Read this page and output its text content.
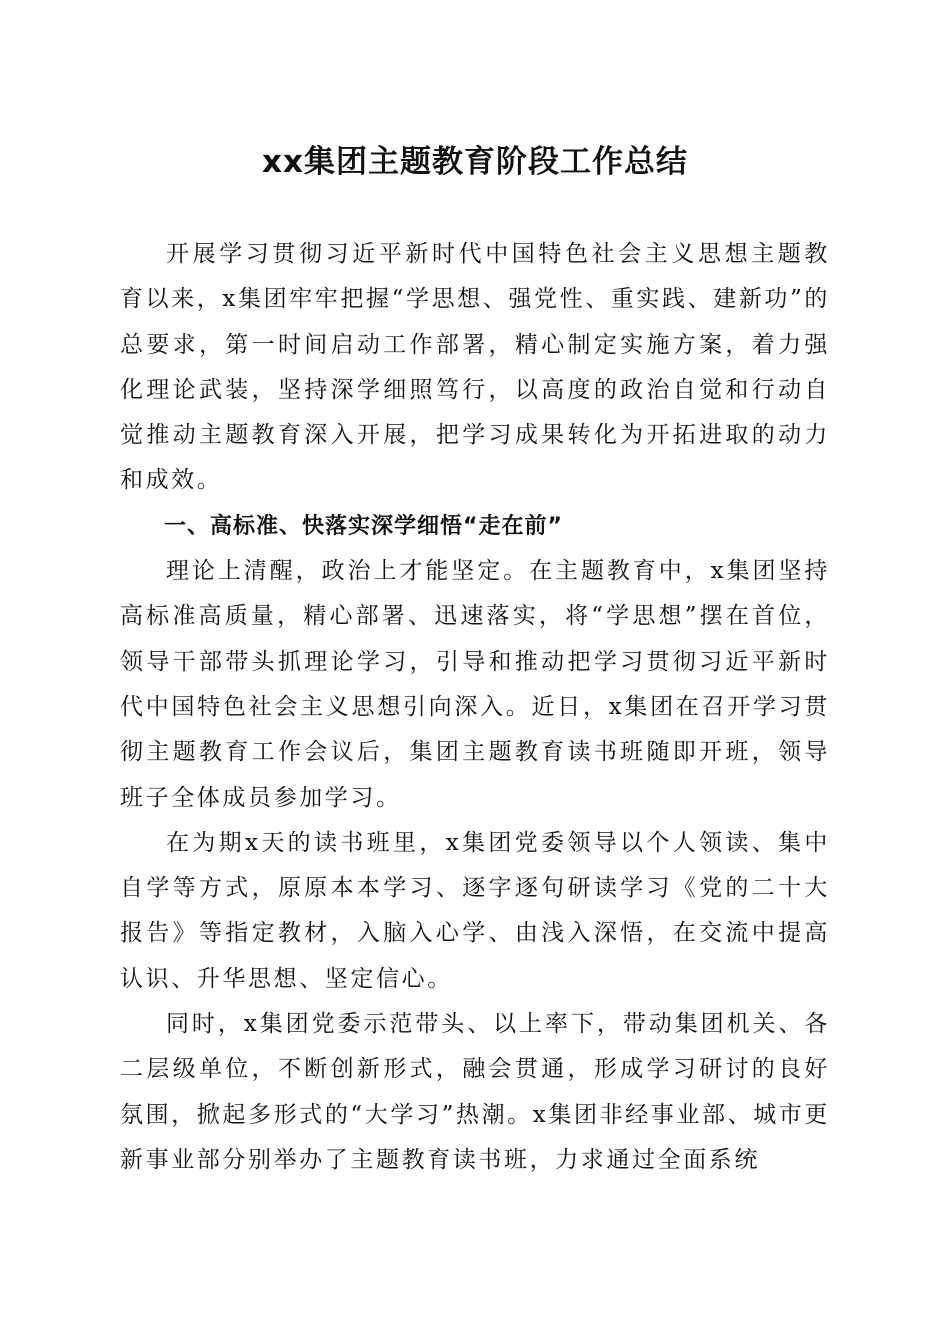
xx集团主题教育阶段工作总结

开展学习贯彻习近平新时代中国特色社会主义思想主题教育以来，x集团牢牢把握“学思想、强党性、重实践、建新功”的总要求，第一时间启动工作部署，精心制定实施方案，着力强化理论武装，坚持深学细照笃行，以高度的政治自觉和行动自觉推动主题教育深入开展，把学习成果转化为开拓进取的动力和成效。

一、高标准、快落实深学细悟“走在前”

理论上清醒，政治上才能坚定。在主题教育中，x集团坚持高标准高质量，精心部署、迅速落实，将“学思想”摆在首位，领导干部带头抓理论学习，引导和推动把学习贯彻习近平新时代中国特色社会主义思想引向深入。近日，x集团在召开学习贯彻主题教育工作会议后，集团主题教育读书班随即开班，领导班子全体成员参加学习。

在为期x天的读书班里，x集团党委领导以个人领读、集中自学等方式，原原本本学习、逐字逐句研读学习《党的二十大报告》等指定教材，入脑入心学、由浅入深悟，在交流中提高认识、升华思想、坚定信心。

同时，x集团党委示范带头、以上率下，带动集团机关、各二层级单位，不断创新形式，融会贯通，形成学习研讨的良好氛围，掀起多形式的“大学习”热潮。x集团非经事业部、城市更新事业部分别举办了主题教育读书班，力求通过全面系统
